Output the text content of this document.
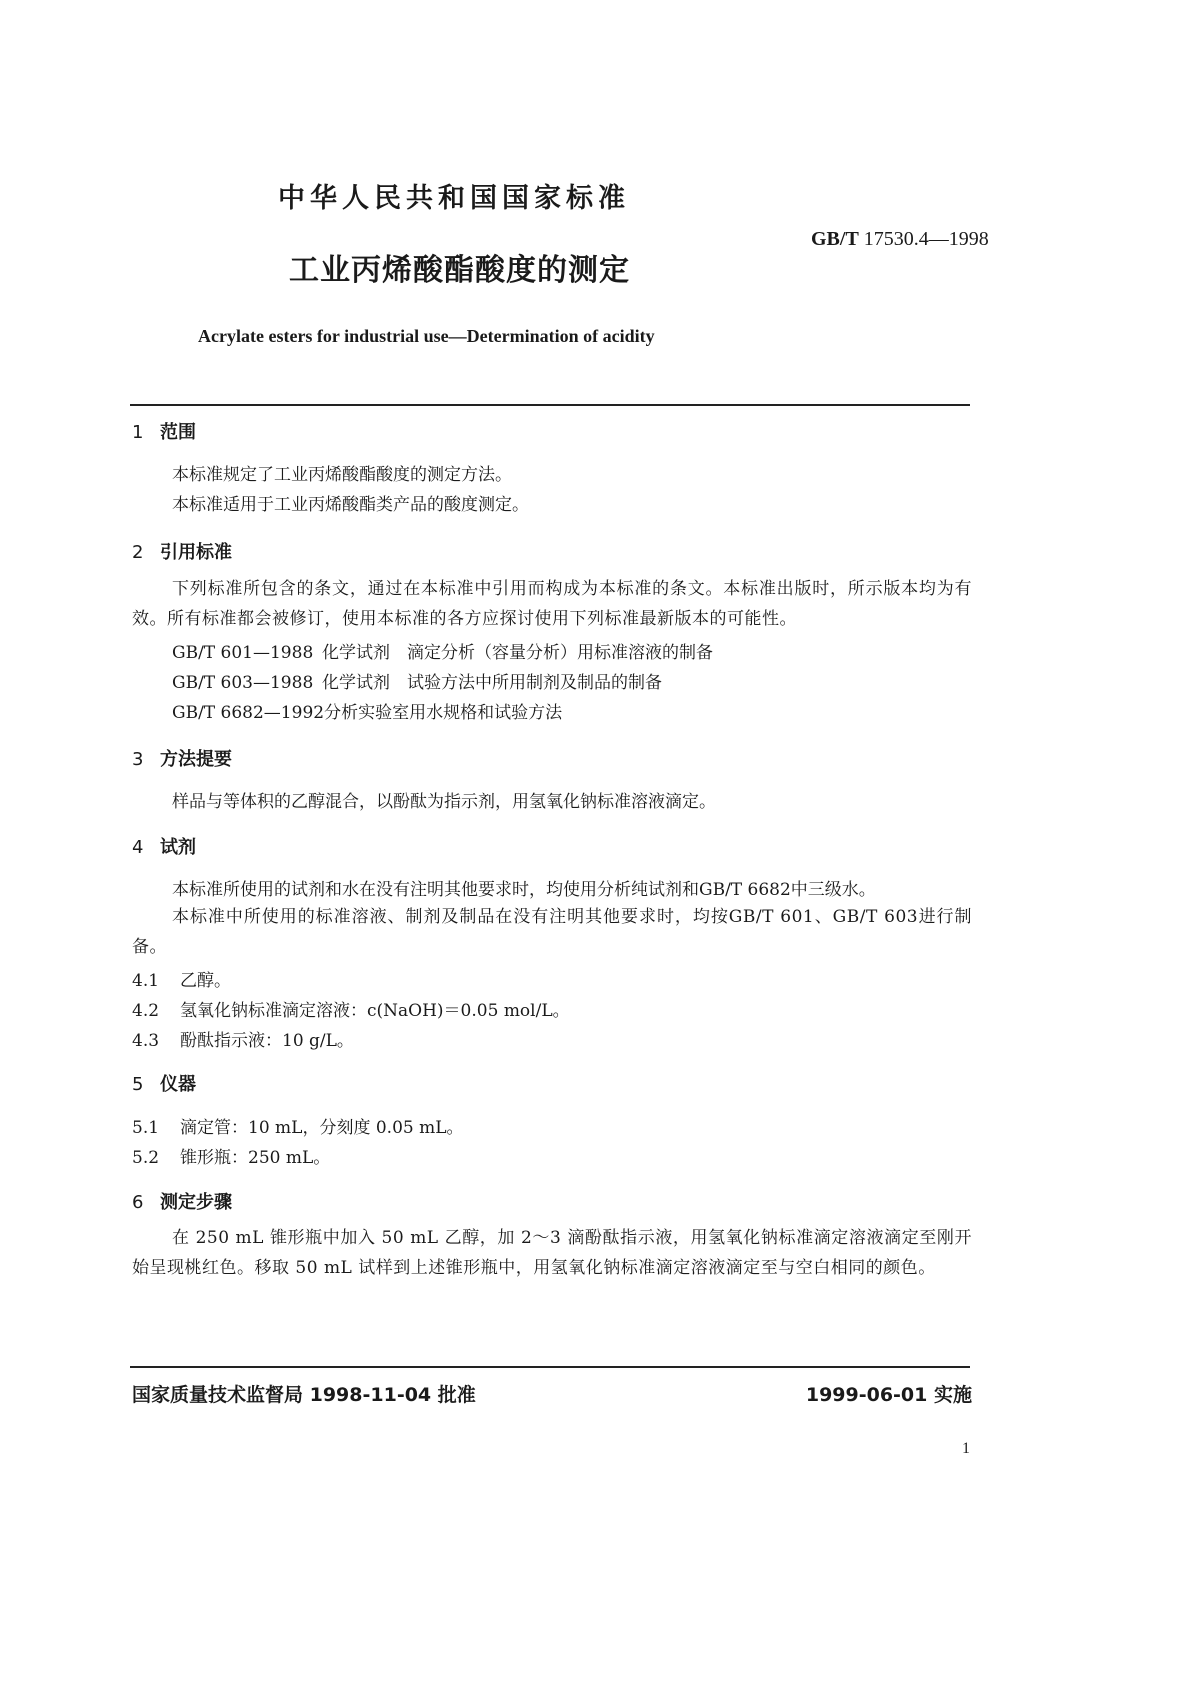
中华人民共和国国家标准
GB/T 17530.4—1998
工业丙烯酸酯酸度的测定
Acrylate esters for industrial use—Determination of acidity
1 范围
本标准规定了工业丙烯酸酯酸度的测定方法。
本标准适用于工业丙烯酸酯类产品的酸度测定。
2 引用标准
下列标准所包含的条文，通过在本标准中引用而构成为本标准的条文。本标准出版时，所示版本均为有效。所有标准都会被修订，使用本标准的各方应探讨使用下列标准最新版本的可能性。
GB/T 601—1988 化学试剂　滴定分析（容量分析）用标准溶液的制备
GB/T 603—1988 化学试剂　试验方法中所用制剂及制品的制备
GB/T 6682—1992分析实验室用水规格和试验方法
3 方法提要
样品与等体积的乙醇混合，以酚酞为指示剂，用氢氧化钠标准溶液滴定。
4 试剂
本标准所使用的试剂和水在没有注明其他要求时，均使用分析纯试剂和GB/T 6682中三级水。
本标准中所使用的标准溶液、制剂及制品在没有注明其他要求时，均按GB/T 601、GB/T 603进行制备。
4.1 乙醇。
4.2 氢氧化钠标准滴定溶液：c(NaOH)＝0.05 mol/L。
4.3 酚酞指示液：10 g/L。
5 仪器
5.1 滴定管：10 mL，分刻度 0.05 mL。
5.2 锥形瓶：250 mL。
6 测定步骤
在 250 mL 锥形瓶中加入 50 mL 乙醇，加 2～3 滴酚酞指示液，用氢氧化钠标准滴定溶液滴定至刚开始呈现桃红色。移取 50 mL 试样到上述锥形瓶中，用氢氧化钠标准滴定溶液滴定至与空白相同的颜色。
国家质量技术监督局 1998-11-04 批准	1999-06-01 实施
1
